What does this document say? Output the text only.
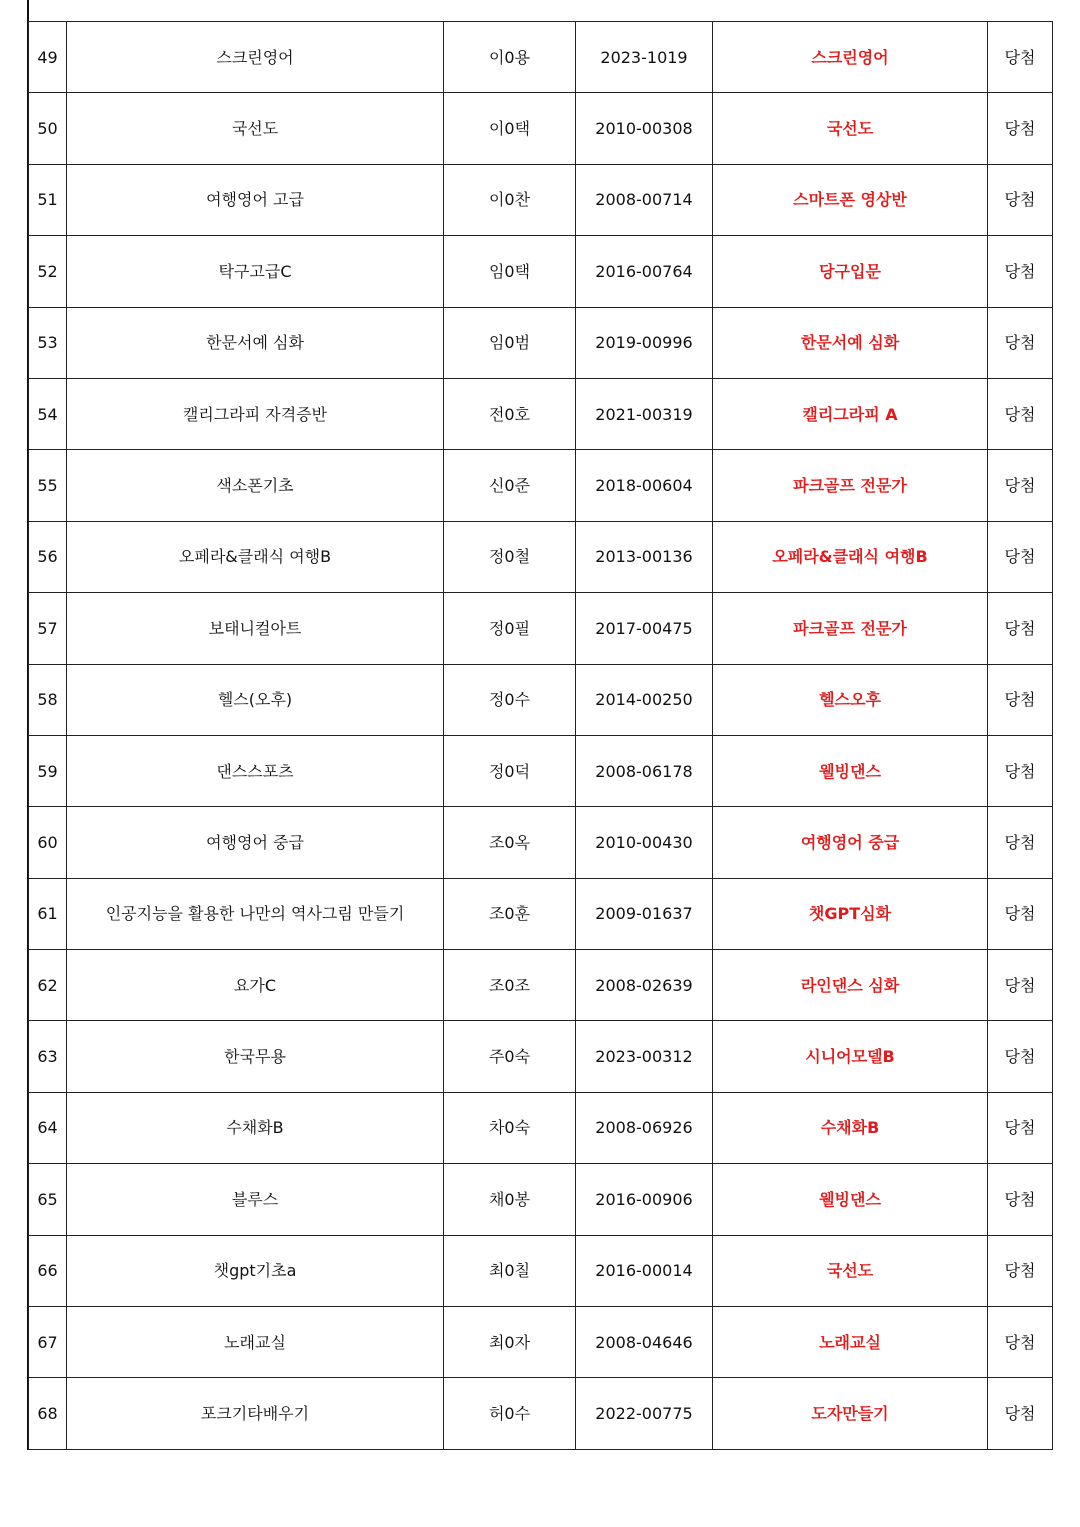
49	스크린영어	이0용	2023-1019	스크린영어	당첨
50	국선도	이0택	2010-00308	국선도	당첨
51	여행영어 고급	이0찬	2008-00714	스마트폰 영상반	당첨
52	탁구고급C	임0택	2016-00764	당구입문	당첨
53	한문서예 심화	임0범	2019-00996	한문서예 심화	당첨
54	캘리그라피 자격증반	전0호	2021-00319	캘리그라피 A	당첨
55	색소폰기초	신0준	2018-00604	파크골프 전문가	당첨
56	오페라&클래식 여행B	정0철	2013-00136	오페라&클래식 여행B	당첨
57	보태니컬아트	정0필	2017-00475	파크골프 전문가	당첨
58	헬스(오후)	정0수	2014-00250	헬스오후	당첨
59	댄스스포츠	정0덕	2008-06178	웰빙댄스	당첨
60	여행영어 중급	조0옥	2010-00430	여행영어 중급	당첨
61	인공지능을 활용한 나만의 역사그림 만들기	조0훈	2009-01637	챗GPT심화	당첨
62	요가C	조0조	2008-02639	라인댄스 심화	당첨
63	한국무용	주0숙	2023-00312	시니어모델B	당첨
64	수채화B	차0숙	2008-06926	수채화B	당첨
65	블루스	채0봉	2016-00906	웰빙댄스	당첨
66	챗gpt기초a	최0칠	2016-00014	국선도	당첨
67	노래교실	최0자	2008-04646	노래교실	당첨
68	포크기타배우기	허0수	2022-00775	도자만들기	당첨
